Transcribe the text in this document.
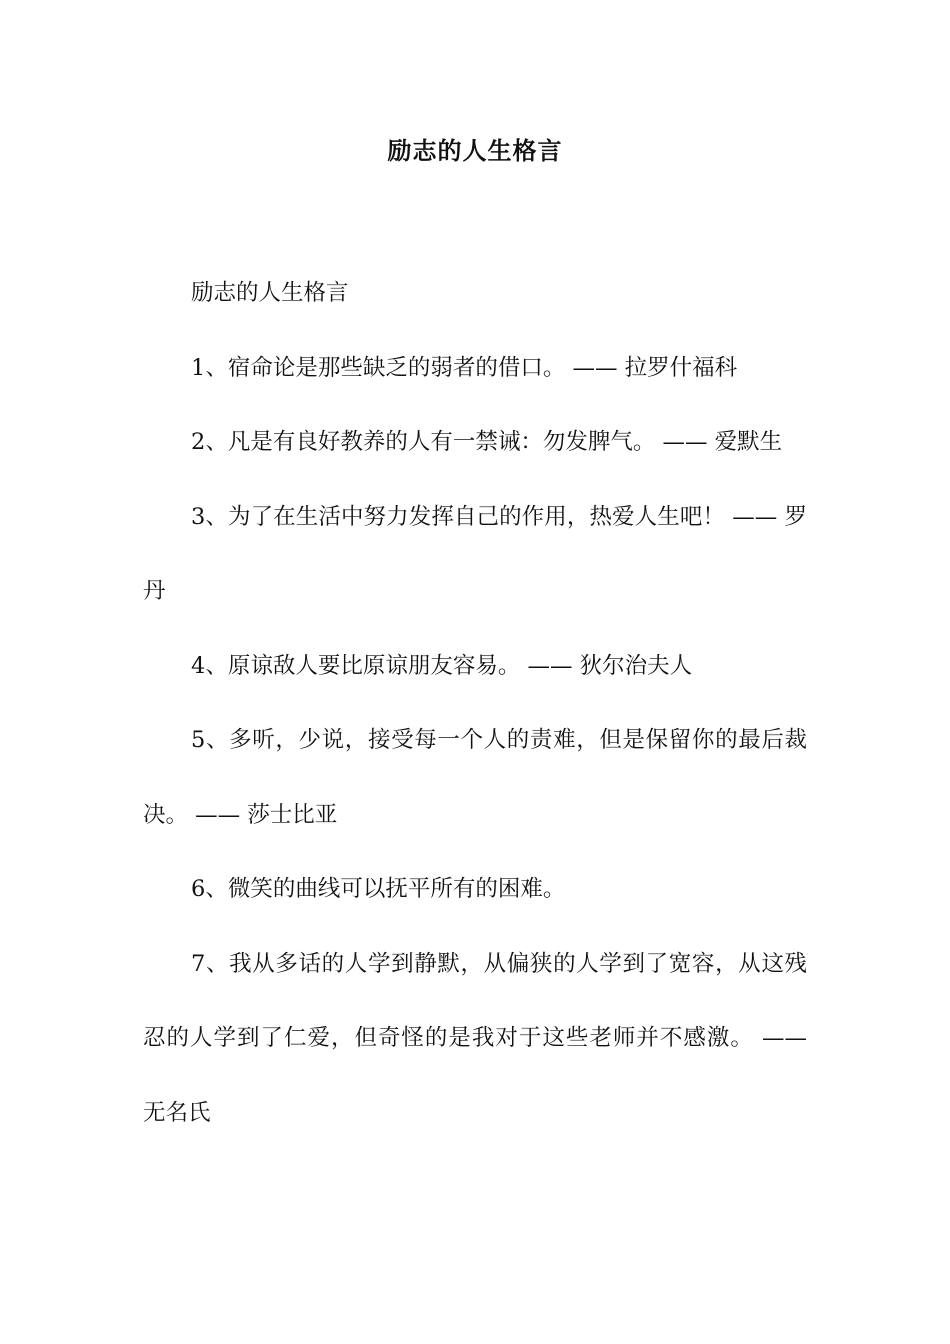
励志的人生格言

励志的人生格言

1、宿命论是那些缺乏的弱者的借口。 —— 拉罗什福科

2、凡是有良好教养的人有一禁诫：勿发脾气。 —— 爱默生

3、为了在生活中努力发挥自己的作用，热爱人生吧！ —— 罗丹

4、原谅敌人要比原谅朋友容易。 —— 狄尔治夫人

5、多听，少说，接受每一个人的责难，但是保留你的最后裁决。 —— 莎士比亚

6、微笑的曲线可以抚平所有的困难。

7、我从多话的人学到静默，从偏狭的人学到了宽容，从这残忍的人学到了仁爱，但奇怪的是我对于这些老师并不感激。 —— 无名氏
